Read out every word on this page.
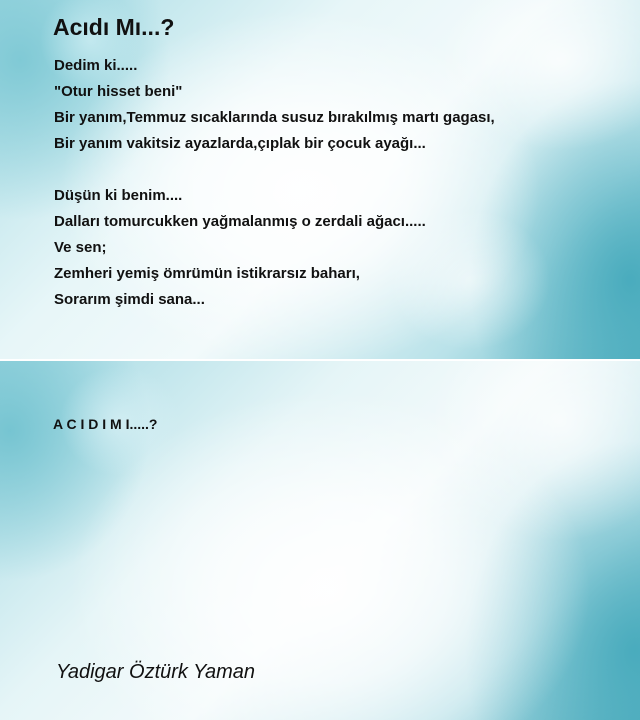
Acıdı Mı...?
Dedim ki.....
"Otur hisset beni"
Bir yanım,Temmuz sıcaklarında susuz bırakılmış martı gagası,
Bir yanım vakitsiz ayazlarda,çıplak bir çocuk ayağı...
Düşün ki benim....
Dalları tomurcukken yağmalanmış o zerdali ağacı.....
Ve sen;
Zemheri yemiş ömrümün istikrarsız baharı,
Sorarım şimdi sana...

A C I D I M I.....?

Yadigar Öztürk Yaman
